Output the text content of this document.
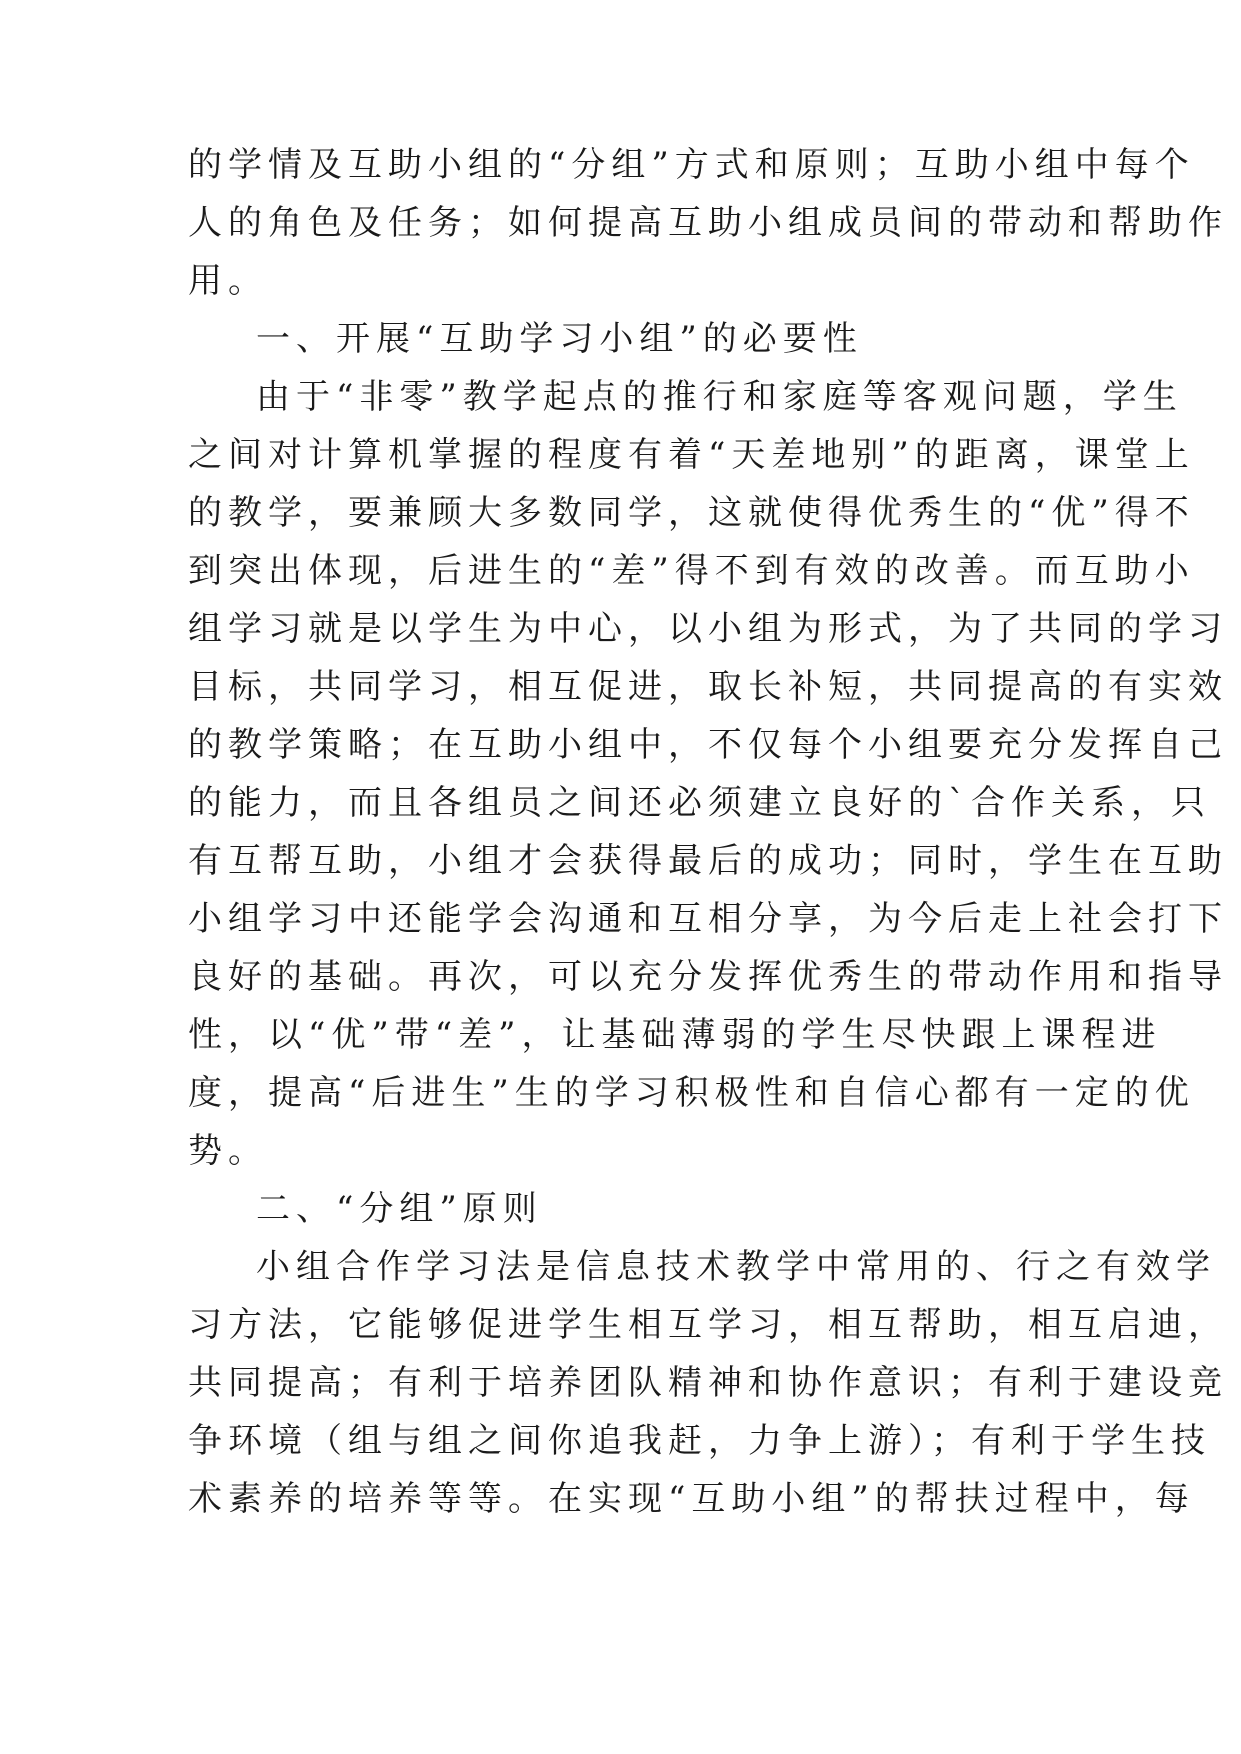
的学情及互助小组的“分组”方式和原则；互助小组中每个
人的角色及任务；如何提高互助小组成员间的带动和帮助作
用。
一、开展“互助学习小组”的必要性
由于“非零”教学起点的推行和家庭等客观问题，学生
之间对计算机掌握的程度有着“天差地别”的距离，课堂上
的教学，要兼顾大多数同学，这就使得优秀生的“优”得不
到突出体现，后进生的“差”得不到有效的改善。而互助小
组学习就是以学生为中心，以小组为形式，为了共同的学习
目标，共同学习，相互促进，取长补短，共同提高的有实效
的教学策略；在互助小组中，不仅每个小组要充分发挥自己
的能力，而且各组员之间还必须建立良好的`合作关系，只
有互帮互助，小组才会获得最后的成功；同时，学生在互助
小组学习中还能学会沟通和互相分享，为今后走上社会打下
良好的基础。再次，可以充分发挥优秀生的带动作用和指导
性，以“优”带“差”，让基础薄弱的学生尽快跟上课程进
度，提高“后进生”生的学习积极性和自信心都有一定的优
势。
二、“分组”原则
小组合作学习法是信息技术教学中常用的、行之有效学
习方法，它能够促进学生相互学习，相互帮助，相互启迪，
共同提高；有利于培养团队精神和协作意识；有利于建设竞
争环境（组与组之间你追我赶，力争上游）；有利于学生技
术素养的培养等等。在实现“互助小组”的帮扶过程中，每
